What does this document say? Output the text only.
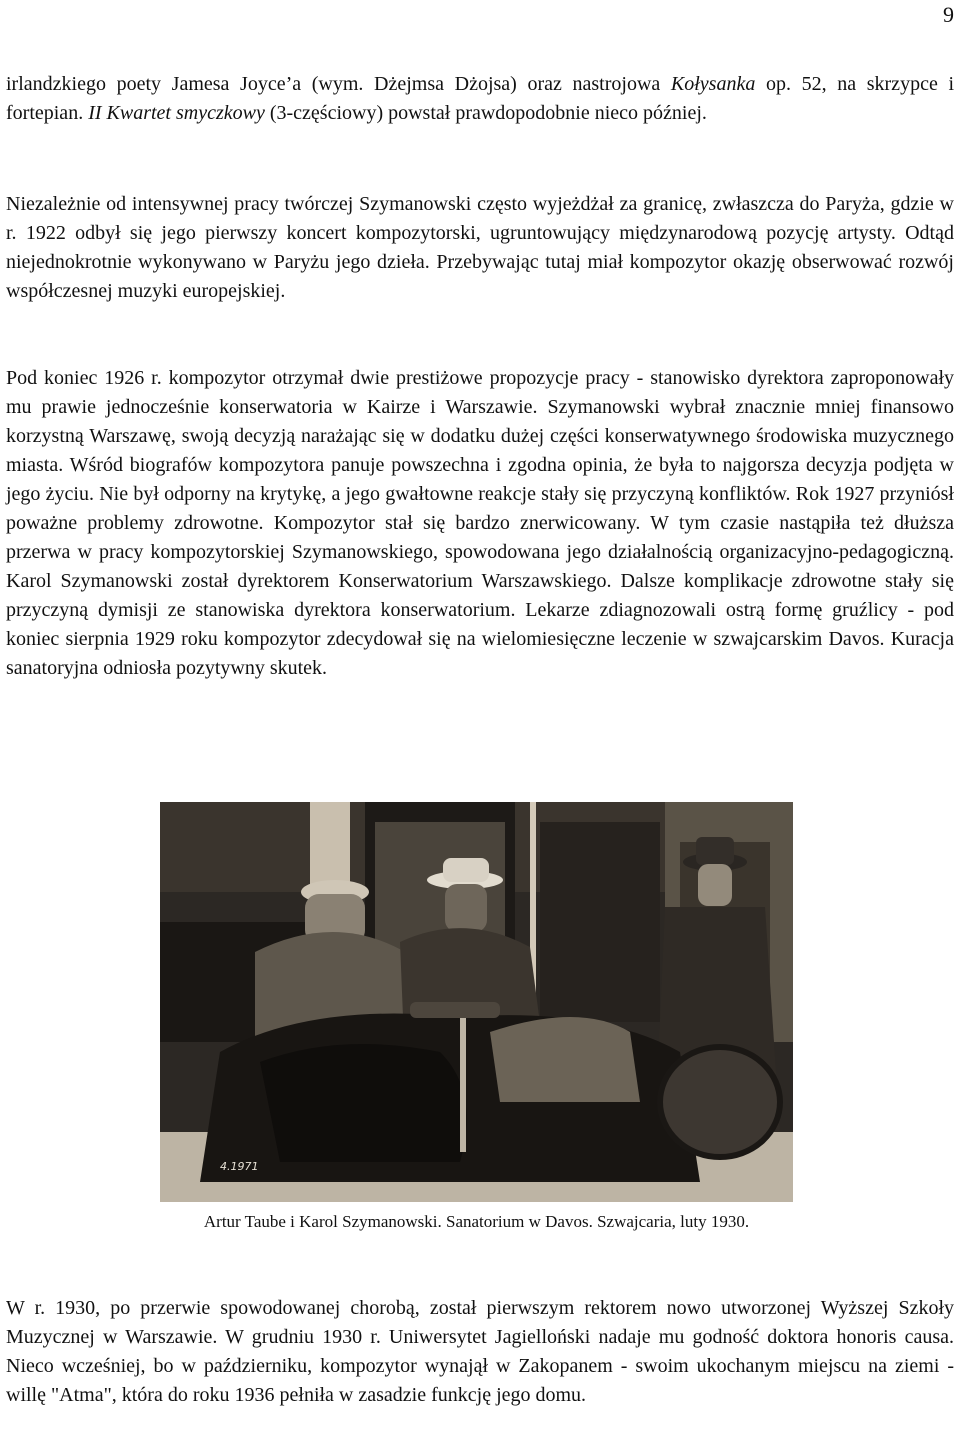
9

irlandzkiego poety Jamesa Joyce’a (wym. Dżejmsa Dżojsa) oraz nastrojowa Kołysanka op. 52, na skrzypce i fortepian. II Kwartet smyczkowy (3-częściowy) powstał prawdopodobnie nieco później.

Niezależnie od intensywnej pracy twórczej Szymanowski często wyjeżdżał za granicę, zwłaszcza do Paryża, gdzie w r. 1922 odbył się jego pierwszy koncert kompozytorski, ugruntowujący międzynarodową pozycję artysty. Odtąd niejednokrotnie wykonywano w Paryżu jego dzieła. Przebywając tutaj miał kompozytor okazję obserwować rozwój współczesnej muzyki europejskiej.

Pod koniec 1926 r. kompozytor otrzymał dwie prestiżowe propozycje pracy - stanowisko dyrektora zaproponowały mu prawie jednocześnie konserwatoria w Kairze i Warszawie. Szymanowski wybrał znacznie mniej finansowo korzystną Warszawę, swoją decyzją narażając się w dodatku dużej części konserwatywnego środowiska muzycznego miasta. Wśród biografów kompozytora panuje powszechna i zgodna opinia, że była to najgorsza decyzja podjęta w jego życiu. Nie był odporny na krytykę, a jego gwałtowne reakcje stały się przyczyną konfliktów. Rok 1927 przyniósł poważne problemy zdrowotne. Kompozytor stał się bardzo znerwicowany. W tym czasie nastąpiła też dłuższa przerwa w pracy kompozytorskiej Szymanowskiego, spowodowana jego działalnością organizacyjno-pedagogiczną. Karol Szymanowski został dyrektorem Konserwatorium Warszawskiego. Dalsze komplikacje zdrowotne stały się przyczyną dymisji ze stanowiska dyrektora konserwatorium. Lekarze zdiagnozowali ostrą formę gruźlicy - pod koniec sierpnia 1929 roku kompozytor zdecydował się na wielomiesięczne leczenie w szwajcarskim Davos. Kuracja sanatoryjna odniosła pozytywny skutek.

4.1971
Artur Taube i Karol Szymanowski. Sanatorium w Davos. Szwajcaria, luty 1930.

W r. 1930, po przerwie spowodowanej chorobą, został pierwszym rektorem nowo utworzonej Wyższej Szkoły Muzycznej w Warszawie. W grudniu 1930 r. Uniwersytet Jagielloński nadaje mu godność doktora honoris causa. Nieco wcześniej, bo w październiku, kompozytor wynajął w Zakopanem - swoim ukochanym miejscu na ziemi - willę "Atma", która do roku 1936 pełniła w zasadzie funkcję jego domu.
